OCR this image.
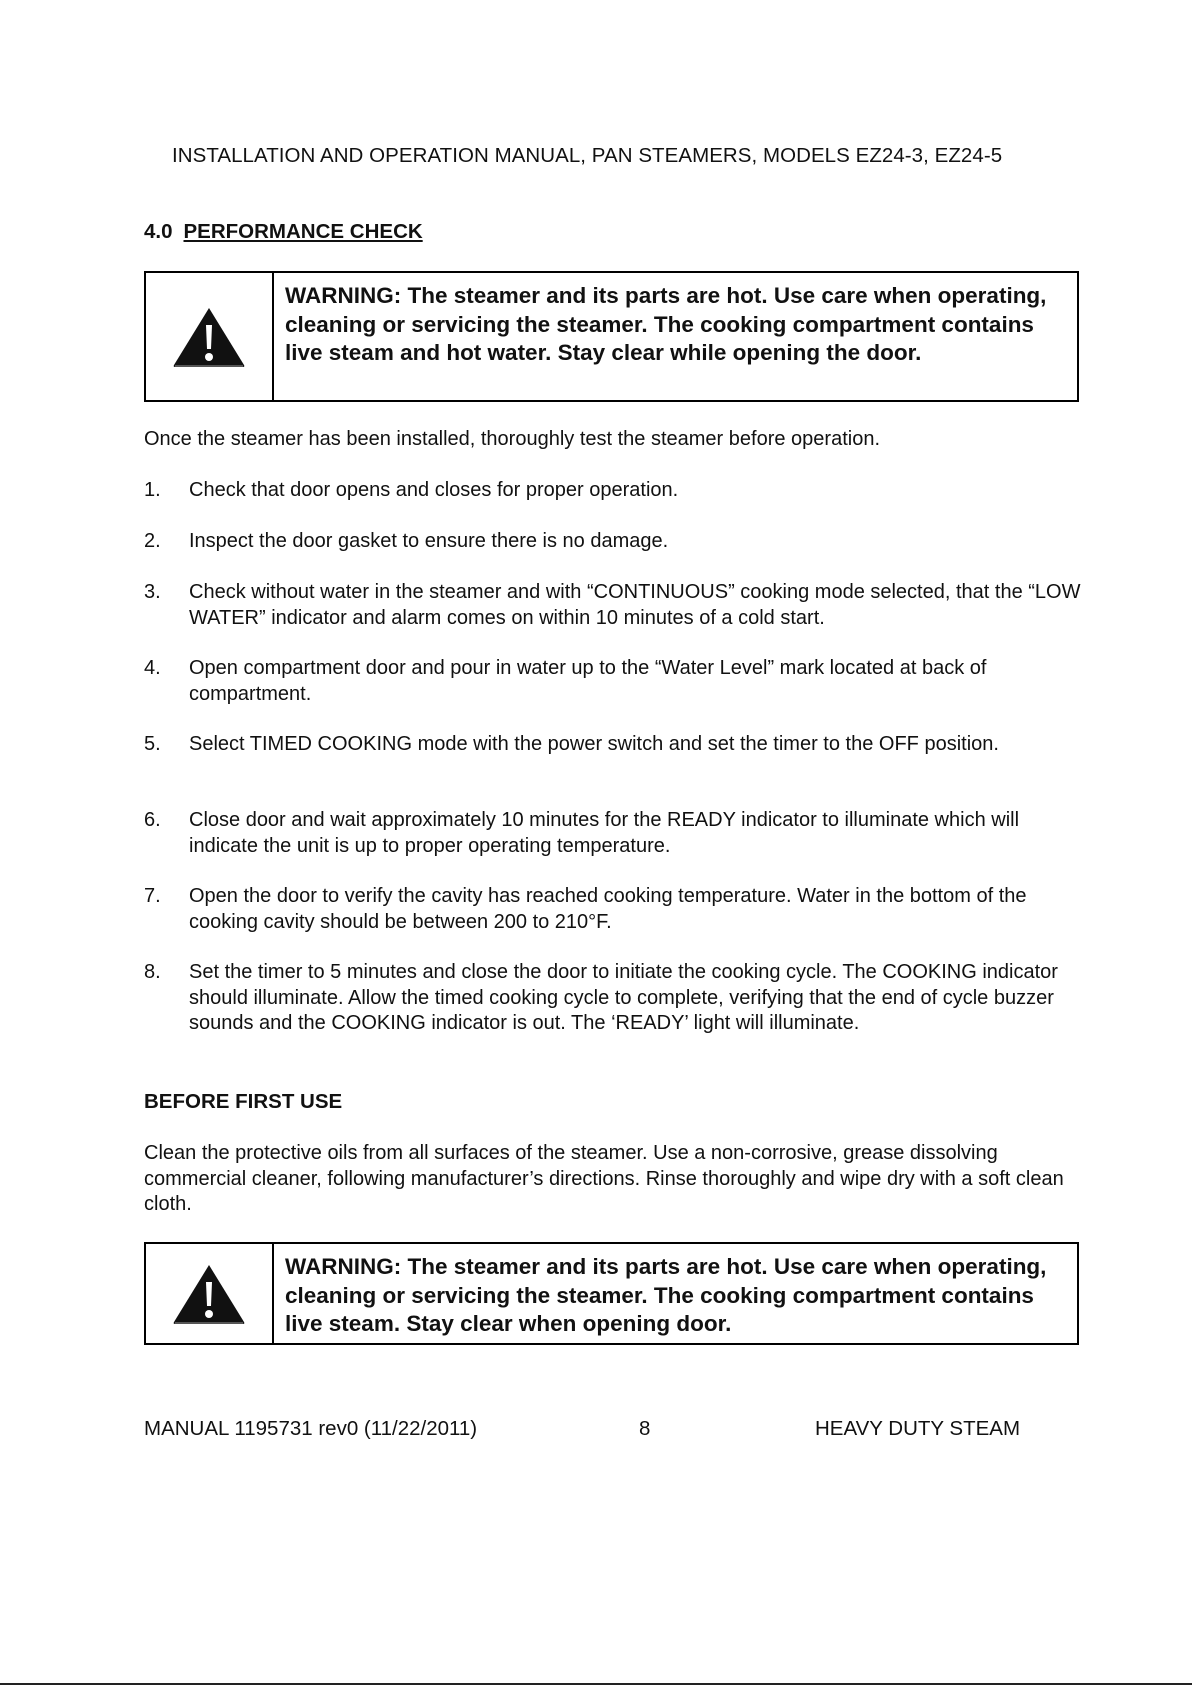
INSTALLATION AND OPERATION MANUAL, PAN STEAMERS, MODELS EZ24-3, EZ24-5
4.0 PERFORMANCE CHECK
WARNING: The steamer and its parts are hot. Use care when operating, cleaning or servicing the steamer. The cooking compartment contains live steam and hot water. Stay clear while opening the door.
Once the steamer has been installed, thoroughly test the steamer before operation.
1.	Check that door opens and closes for proper operation.
2.	Inspect the door gasket to ensure there is no damage.
3.	Check without water in the steamer and with “CONTINUOUS” cooking mode selected, that the “LOW WATER” indicator and alarm comes on within 10 minutes of a cold start.
4.	Open compartment door and pour in water up to the “Water Level” mark located at back of compartment.
5.	Select TIMED COOKING mode with the power switch and set the timer to the OFF position.
6.	Close door and wait approximately 10 minutes for the READY indicator to illuminate which will indicate the unit is up to proper operating temperature.
7.	Open the door to verify the cavity has reached cooking temperature. Water in the bottom of the cooking cavity should be between 200 to 210°F.
8.	Set the timer to 5 minutes and close the door to initiate the cooking cycle. The COOKING indicator should illuminate. Allow the timed cooking cycle to complete, verifying that the end of cycle buzzer sounds and the COOKING indicator is out. The ‘READY’ light will illuminate.
BEFORE FIRST USE
Clean the protective oils from all surfaces of the steamer. Use a non-corrosive, grease dissolving commercial cleaner, following manufacturer’s directions. Rinse thoroughly and wipe dry with a soft clean cloth.
WARNING: The steamer and its parts are hot. Use care when operating, cleaning or servicing the steamer. The cooking compartment contains live steam. Stay clear when opening door.
MANUAL 1195731 rev0 (11/22/2011)	8	HEAVY DUTY STEAM
